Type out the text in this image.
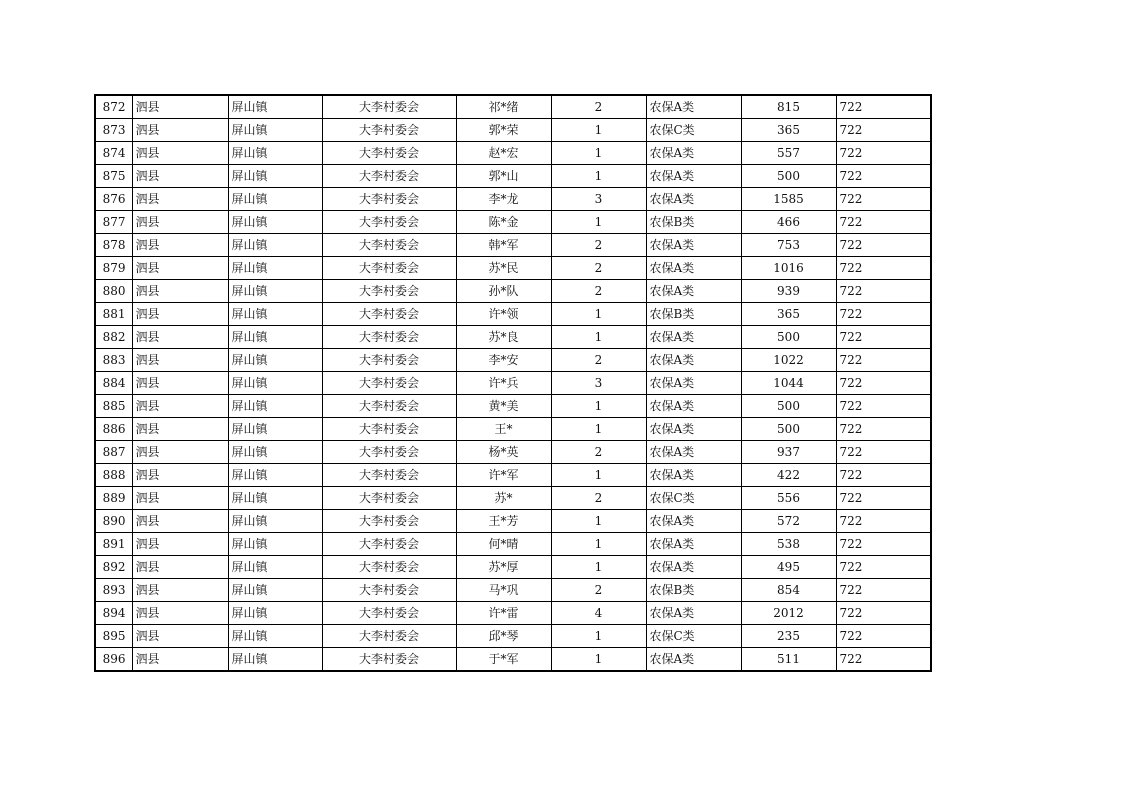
872	泗县	屏山镇	大李村委会	祁*绪	2	农保A类	815	722
873	泗县	屏山镇	大李村委会	郭*荣	1	农保C类	365	722
874	泗县	屏山镇	大李村委会	赵*宏	1	农保A类	557	722
875	泗县	屏山镇	大李村委会	郭*山	1	农保A类	500	722
876	泗县	屏山镇	大李村委会	李*龙	3	农保A类	1585	722
877	泗县	屏山镇	大李村委会	陈*金	1	农保B类	466	722
878	泗县	屏山镇	大李村委会	韩*军	2	农保A类	753	722
879	泗县	屏山镇	大李村委会	苏*民	2	农保A类	1016	722
880	泗县	屏山镇	大李村委会	孙*队	2	农保A类	939	722
881	泗县	屏山镇	大李村委会	许*领	1	农保B类	365	722
882	泗县	屏山镇	大李村委会	苏*良	1	农保A类	500	722
883	泗县	屏山镇	大李村委会	李*安	2	农保A类	1022	722
884	泗县	屏山镇	大李村委会	许*兵	3	农保A类	1044	722
885	泗县	屏山镇	大李村委会	黄*美	1	农保A类	500	722
886	泗县	屏山镇	大李村委会	王*	1	农保A类	500	722
887	泗县	屏山镇	大李村委会	杨*英	2	农保A类	937	722
888	泗县	屏山镇	大李村委会	许*军	1	农保A类	422	722
889	泗县	屏山镇	大李村委会	苏*	2	农保C类	556	722
890	泗县	屏山镇	大李村委会	王*芳	1	农保A类	572	722
891	泗县	屏山镇	大李村委会	何*晴	1	农保A类	538	722
892	泗县	屏山镇	大李村委会	苏*厚	1	农保A类	495	722
893	泗县	屏山镇	大李村委会	马*巩	2	农保B类	854	722
894	泗县	屏山镇	大李村委会	许*雷	4	农保A类	2012	722
895	泗县	屏山镇	大李村委会	邱*琴	1	农保C类	235	722
896	泗县	屏山镇	大李村委会	于*军	1	农保A类	511	722
